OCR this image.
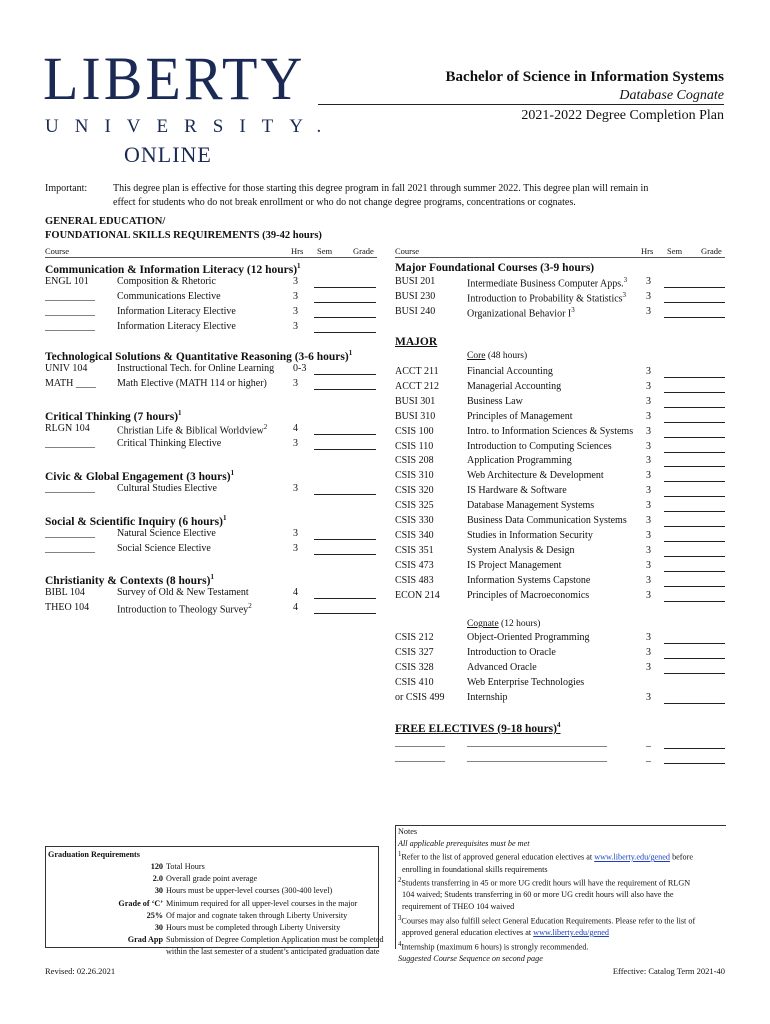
LIBERTY
UNIVERSITY.
ONLINE
Bachelor of Science in Information Systems
Database Cognate
2021-2022 Degree Completion Plan
Important:	This degree plan is effective for those starting this degree program in fall 2021 through summer 2022. This degree plan will remain in
effect for students who do not break enrollment or who do not change degree programs, concentrations or cognates.
GENERAL EDUCATION/
FOUNDATIONAL SKILLS REQUIREMENTS (39-42 hours)
Course	Hrs Sem Grade Course	Hrs Sem Grade
Communication & Information Literacy (12 hours)$^1$
ENGL 101	Composition & Rhetoric	3
__________ Communications Elective	3
__________ Information Literacy Elective	3
__________ Information Literacy Elective	3
Technological Solutions & Quantitative Reasoning (3-6 hours)$^1$
UNIV 104	Instructional Tech. for Online Learning 0-3
MATH ____ Math Elective (MATH 114 or higher)	3
Critical Thinking (7 hours)$^1$
RLGN 104	Christian Life & Biblical Worldview$^2$	4
__________ Critical Thinking Elective	3
Civic & Global Engagement (3 hours)$^1$
__________ Cultural Studies Elective	3
Social & Scientific Inquiry (6 hours)$^1$
__________ Natural Science Elective	3
__________ Social Science Elective	3
Christianity & Contexts (8 hours)$^1$
BIBL 104	Survey of Old & New Testament	4
THEO 104	Introduction to Theology Survey$^2$	4
Major Foundational Courses (3-9 hours)
BUSI 201	Intermediate Business Computer Apps.$^3$ 3
BUSI 230	Introduction to Probability & Statistics$^3$ 3
BUSI 240	Organizational Behavior $I^3$	3
MAJOR
Core (48 hours)
ACCT 211	Financial Accounting	3
ACCT 212	Managerial Accounting	3
BUSI 301	Business Law	3
BUSI 310	Principles of Management	3
CSIS 100	Intro. to Information Sciences & Systems 3
CSIS 110	Introduction to Computing Sciences	3
CSIS 208	Application Programming	3
CSIS 310	Web Architecture & Development	3
CSIS 320	IS Hardware & Software	3
CSIS 325	Database Management Systems	3
CSIS 330	Business Data Communication Systems 3
CSIS 340	Studies in Information Security	3
CSIS 351	System Analysis & Design	3
CSIS 473	IS Project Management	3
CSIS 483	Information Systems Capstone	3
ECON 214	Principles of Macroeconomics	3
Cognate (12 hours)
CSIS 212	Object-Oriented Programming	3
CSIS 327	Introduction to Oracle	3
CSIS 328	Advanced Oracle	3
CSIS 410	Web Enterprise Technologies
or CSIS 499 Internship	3
FREE ELECTIVES (9-18 hours)$^4$
__________ ____________________________	_
__________ ____________________________	_
Graduation Requirements
120 Total Hours
2.0 Overall grade point average
30 Hours must be upper-level courses (300-400 level)
Grade of ‘C’ Minimum required for all upper-level courses in the major
25% Of major and cognate taken through Liberty University
30 Hours must be completed through Liberty University
Grad App Submission of Degree Completion Application must be completed
within the last semester of a student’s anticipated graduation date

Notes

All applicable prerequisites must be met

$^1$Refer to the list of approved general education electives at www.liberty.edu/gened before

enrolling in foundational skills requirements

$^2$Students transferring in 45 or more UG credit hours will have the requirement of RLGN

104 waived; Students transferring in 60 or more UG credit hours will also have the

requirement of THEO 104 waived

$^3$Courses may also fulfill select General Education Requirements. Please refer to the list of

approved general education electives at www.liberty.edu/gened

$^4$Internship (maximum 6 hours) is strongly recommended.

Suggested Course Sequence on second page

Revised: 02.26.2021	Effective: Catalog Term 2021-40
